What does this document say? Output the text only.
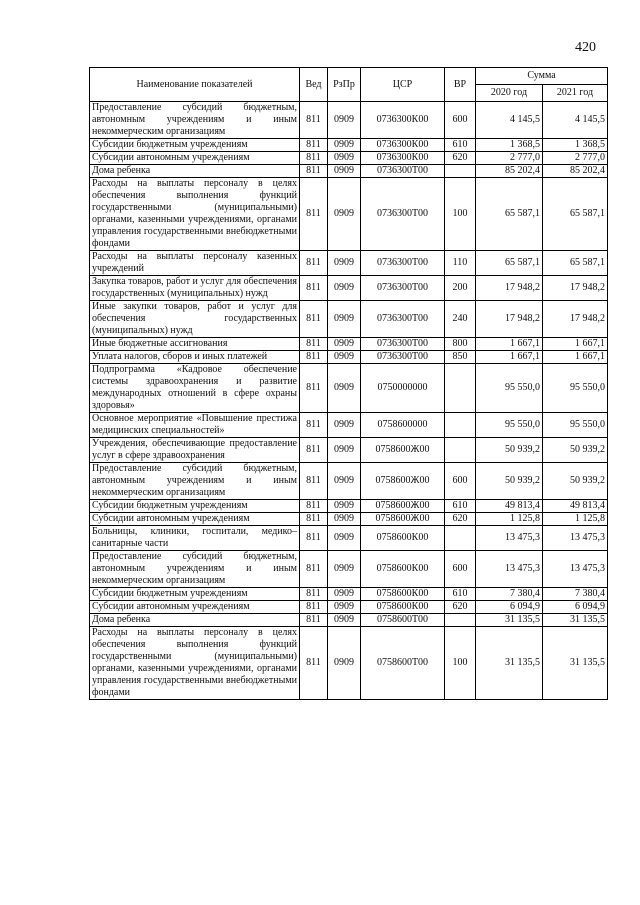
420
Наименование показателей	Вед	РзПр	ЦСР	ВР	Сумма	
					2020 год	2021 год
Предоставление субсидий бюджетным, автономным учреждениям и иным некоммерческим организациям	811	0909	0736300К00	600	4 145,5	4 145,5
Субсидии бюджетным учреждениям	811	0909	0736300К00	610	1 368,5	1 368,5
Субсидии автономным учреждениям	811	0909	0736300К00	620	2 777,0	2 777,0
Дома ребенка	811	0909	0736300Т00		85 202,4	85 202,4
Расходы на выплаты персоналу в целях обеспечения выполнения функций государственными (муниципальными) органами, казенными учреждениями, органами управления государственными внебюджетными фондами	811	0909	0736300Т00	100	65 587,1	65 587,1
Расходы на выплаты персоналу казенных учреждений	811	0909	0736300Т00	110	65 587,1	65 587,1
Закупка товаров, работ и услуг для обеспечения государственных (муниципальных) нужд	811	0909	0736300Т00	200	17 948,2	17 948,2
Иные закупки товаров, работ и услуг для обеспечения государственных (муниципальных) нужд	811	0909	0736300Т00	240	17 948,2	17 948,2
Иные бюджетные ассигнования	811	0909	0736300Т00	800	1 667,1	1 667,1
Уплата налогов, сборов и иных платежей	811	0909	0736300Т00	850	1 667,1	1 667,1
Подпрограмма «Кадровое обеспечение системы здравоохранения и развитие международных отношений в сфере охраны здоровья»	811	0909	0750000000		95 550,0	95 550,0
Основное мероприятие «Повышение престижа медицинских специальностей»	811	0909	0758600000		95 550,0	95 550,0
Учреждения, обеспечивающие предоставление услуг в сфере здравоохранения	811	0909	0758600Ж00		50 939,2	50 939,2
Предоставление субсидий бюджетным, автономным учреждениям и иным некоммерческим организациям	811	0909	0758600Ж00	600	50 939,2	50 939,2
Субсидии бюджетным учреждениям	811	0909	0758600Ж00	610	49 813,4	49 813,4
Субсидии автономным учреждениям	811	0909	0758600Ж00	620	1 125,8	1 125,8
Больницы, клиники, госпитали, медико–санитарные части	811	0909	0758600К00		13 475,3	13 475,3
Предоставление субсидий бюджетным, автономным учреждениям и иным некоммерческим организациям	811	0909	0758600К00	600	13 475,3	13 475,3
Субсидии бюджетным учреждениям	811	0909	0758600К00	610	7 380,4	7 380,4
Субсидии автономным учреждениям	811	0909	0758600К00	620	6 094,9	6 094,9
Дома ребенка	811	0909	0758600Т00		31 135,5	31 135,5
Расходы на выплаты персоналу в целях обеспечения выполнения функций государственными (муниципальными) органами, казенными учреждениями, органами управления государственными внебюджетными фондами	811	0909	0758600Т00	100	31 135,5	31 135,5
